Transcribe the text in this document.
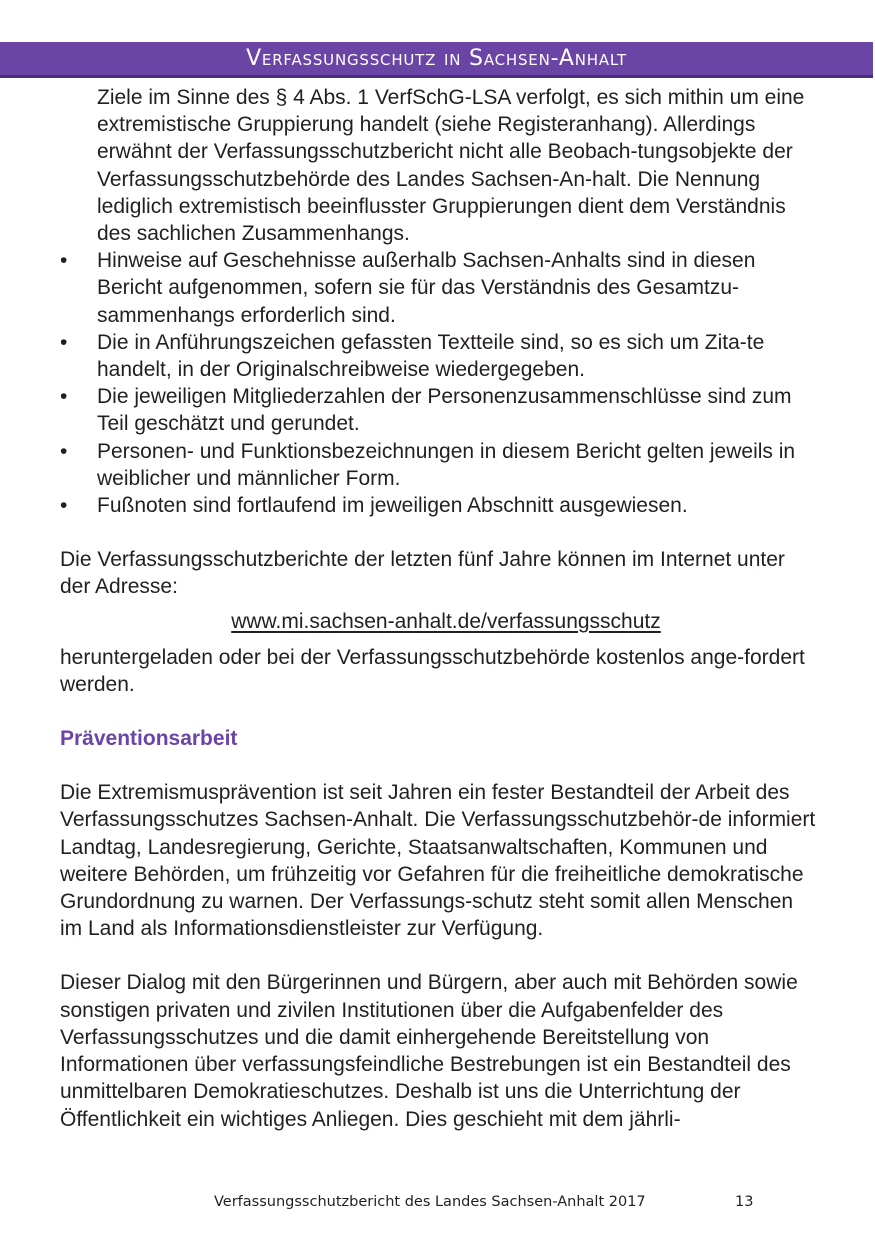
Verfassungsschutz in Sachsen-Anhalt

Ziele im Sinne des § 4 Abs. 1 VerfSchG-LSA verfolgt, es sich mithin um eine extremistische Gruppierung handelt (siehe Registeranhang). Allerdings erwähnt der Verfassungsschutzbericht nicht alle Beobach-tungsobjekte der Verfassungsschutzbehörde des Landes Sachsen-An-halt. Die Nennung lediglich extremistisch beeinflusster Gruppierungen dient dem Verständnis des sachlichen Zusammenhangs.

• Hinweise auf Geschehnisse außerhalb Sachsen-Anhalts sind in diesen Bericht aufgenommen, sofern sie für das Verständnis des Gesamtzu-sammenhangs erforderlich sind.
• Die in Anführungszeichen gefassten Textteile sind, so es sich um Zita-te handelt, in der Originalschreibweise wiedergegeben.
• Die jeweiligen Mitgliederzahlen der Personenzusammenschlüsse sind zum Teil geschätzt und gerundet.
• Personen- und Funktionsbezeichnungen in diesem Bericht gelten jeweils in weiblicher und männlicher Form.
• Fußnoten sind fortlaufend im jeweiligen Abschnitt ausgewiesen.

Die Verfassungsschutzberichte der letzten fünf Jahre können im Internet unter der Adresse:

www.mi.sachsen-anhalt.de/verfassungsschutz

heruntergeladen oder bei der Verfassungsschutzbehörde kostenlos ange-fordert werden.

Präventionsarbeit

Die Extremismusprävention ist seit Jahren ein fester Bestandteil der Arbeit des Verfassungsschutzes Sachsen-Anhalt. Die Verfassungsschutzbehör-de informiert Landtag, Landesregierung, Gerichte, Staatsanwaltschaften, Kommunen und weitere Behörden, um frühzeitig vor Gefahren für die freiheitliche demokratische Grundordnung zu warnen. Der Verfassungs-schutz steht somit allen Menschen im Land als Informationsdienstleister zur Verfügung.

Dieser Dialog mit den Bürgerinnen und Bürgern, aber auch mit Behörden sowie sonstigen privaten und zivilen Institutionen über die Aufgabenfelder des Verfassungsschutzes und die damit einhergehende Bereitstellung von Informationen über verfassungsfeindliche Bestrebungen ist ein Bestandteil des unmittelbaren Demokratieschutzes. Deshalb ist uns die Unterrichtung der Öffentlichkeit ein wichtiges Anliegen. Dies geschieht mit dem jährli-

Verfassungsschutzbericht des Landes Sachsen-Anhalt 2017	13
